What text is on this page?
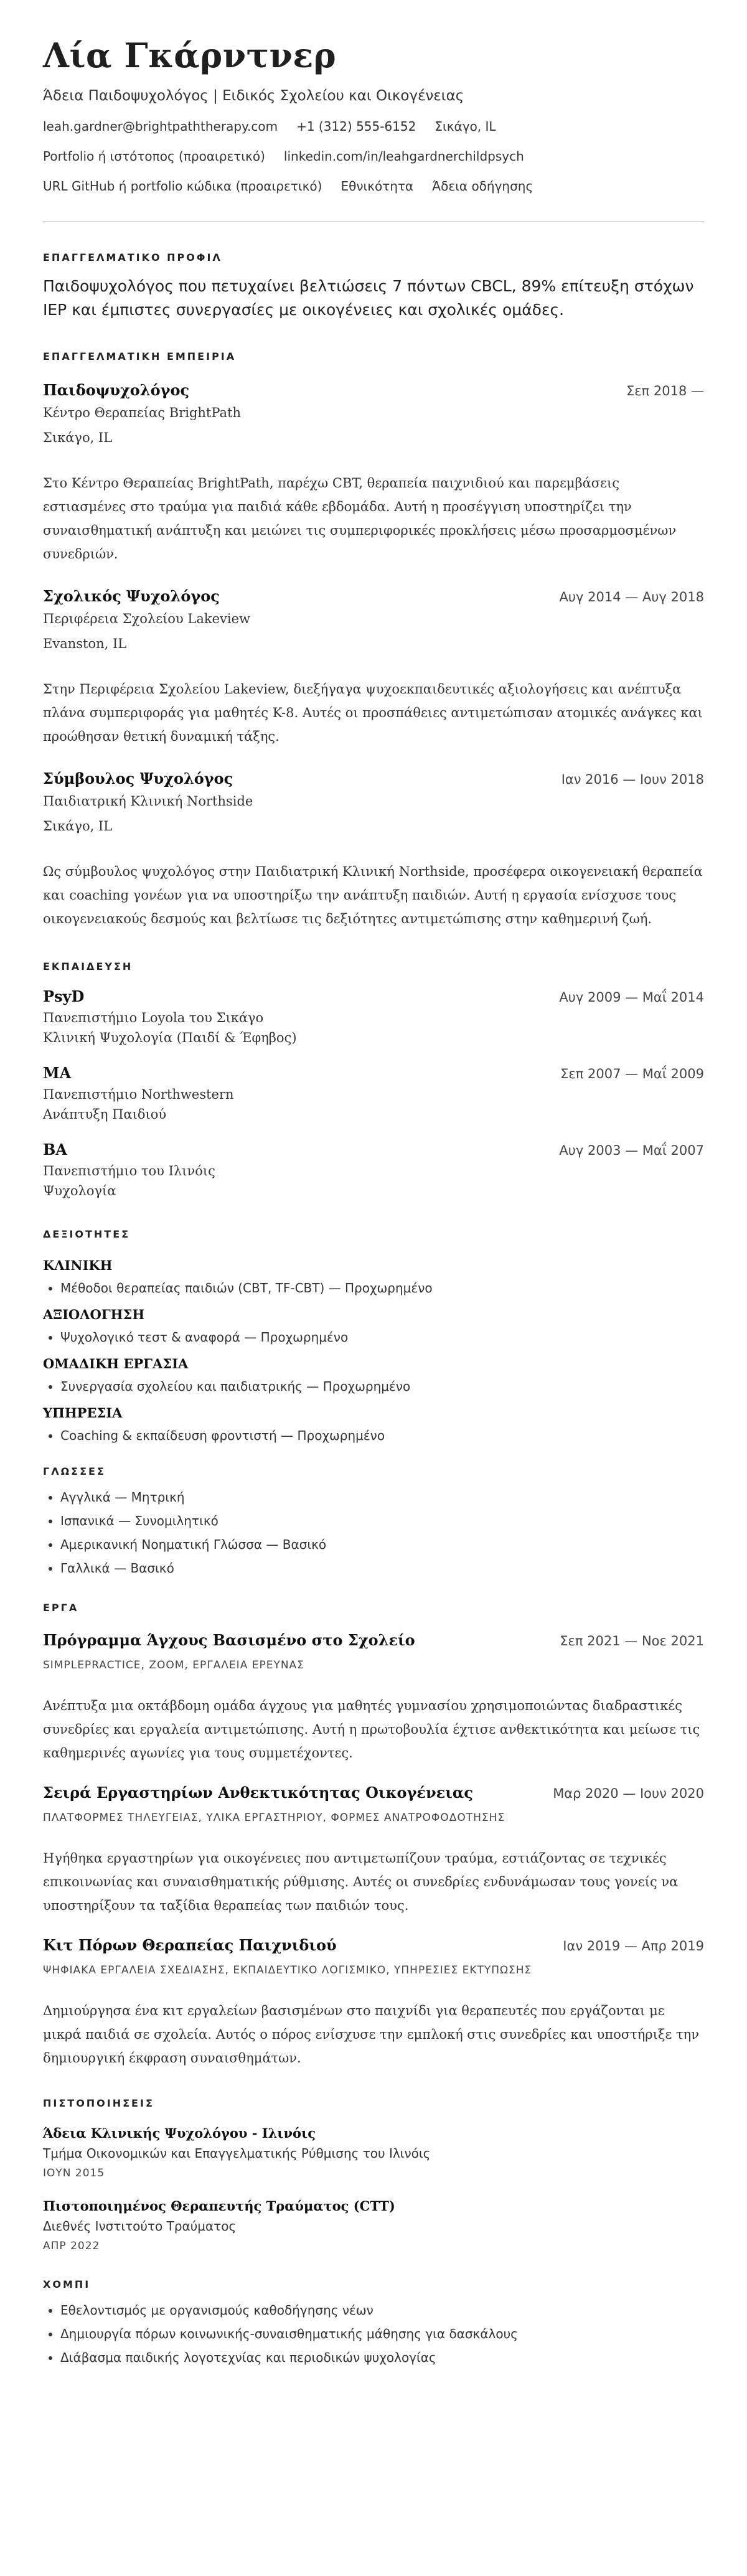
Λία Γκάρντνερ
Άδεια Παιδοψυχολόγος | Ειδικός Σχολείου και Οικογένειας
leah.gardner@brightpaththerapy.com +1 (312) 555-6152 Σικάγο, IL
Portfolio ή ιστότοπος (προαιρετικό) linkedin.com/in/leahgardnerchildpsych
URL GitHub ή portfolio κώδικα (προαιρετικό) Εθνικότητα Άδεια οδήγησης
ΕΠΑΓΓΕΛΜΑΤΙΚΟ ΠΡΟΦΙΛ
Παιδοψυχολόγος που πετυχαίνει βελτιώσεις 7 πόντων CBCL, 89% επίτευξη στόχων IEP και έμπιστες συνεργασίες με οικογένειες και σχολικές ομάδες.
ΕΠΑΓΓΕΛΜΑΤΙΚΗ ΕΜΠΕΙΡΙΑ
Παιδοψυχολόγος	Σεπ 2018 —
Κέντρο Θεραπείας BrightPath
Σικάγο, IL
Στο Κέντρο Θεραπείας BrightPath, παρέχω CBT, θεραπεία παιχνιδιού και παρεμβάσεις εστιασμένες στο τραύμα για παιδιά κάθε εβδομάδα. Αυτή η προσέγγιση υποστηρίζει την συναισθηματική ανάπτυξη και μειώνει τις συμπεριφορικές προκλήσεις μέσω προσαρμοσμένων συνεδριών.
Σχολικός Ψυχολόγος	Αυγ 2014 — Αυγ 2018
Περιφέρεια Σχολείου Lakeview
Evanston, IL
Στην Περιφέρεια Σχολείου Lakeview, διεξήγαγα ψυχοεκπαιδευτικές αξιολογήσεις και ανέπτυξα πλάνα συμπεριφοράς για μαθητές K-8. Αυτές οι προσπάθειες αντιμετώπισαν ατομικές ανάγκες και προώθησαν θετική δυναμική τάξης.
Σύμβουλος Ψυχολόγος	Ιαν 2016 — Ιουν 2018
Παιδιατρική Κλινική Northside
Σικάγο, IL
Ως σύμβουλος ψυχολόγος στην Παιδιατρική Κλινική Northside, προσέφερα οικογενειακή θεραπεία και coaching γονέων για να υποστηρίξω την ανάπτυξη παιδιών. Αυτή η εργασία ενίσχυσε τους οικογενειακούς δεσμούς και βελτίωσε τις δεξιότητες αντιμετώπισης στην καθημερινή ζωή.
ΕΚΠΑΙΔΕΥΣΗ
PsyD	Αυγ 2009 — Μαΐ 2014
Πανεπιστήμιο Loyola του Σικάγο
Κλινική Ψυχολογία (Παιδί & Έφηβος)
MA	Σεπ 2007 — Μαΐ 2009
Πανεπιστήμιο Northwestern
Ανάπτυξη Παιδιού
BA	Αυγ 2003 — Μαΐ 2007
Πανεπιστήμιο του Ιλινόις
Ψυχολογία
ΔΕΞΙΟΤΗΤΕΣ
ΚΛΙΝΙΚΗ
• Μέθοδοι θεραπείας παιδιών (CBT, TF-CBT) — Προχωρημένο
ΑΞΙΟΛΟΓΗΣΗ
• Ψυχολογικό τεστ & αναφορά — Προχωρημένο
ΟΜΑΔΙΚΗ ΕΡΓΑΣΙΑ
• Συνεργασία σχολείου και παιδιατρικής — Προχωρημένο
ΥΠΗΡΕΣΙΑ
• Coaching & εκπαίδευση φροντιστή — Προχωρημένο
ΓΛΩΣΣΕΣ
• Αγγλικά — Μητρική
• Ισπανικά — Συνομιλητικό
• Αμερικανική Νοηματική Γλώσσα — Βασικό
• Γαλλικά — Βασικό
ΕΡΓΑ
Πρόγραμμα Άγχους Βασισμένο στο Σχολείο	Σεπ 2021 — Νοε 2021
SIMPLEPRACTICE, ZOOM, ΕΡΓΑΛΕΙΑ ΕΡΕΥΝΑΣ
Ανέπτυξα μια οκτάβδομη ομάδα άγχους για μαθητές γυμνασίου χρησιμοποιώντας διαδραστικές συνεδρίες και εργαλεία αντιμετώπισης. Αυτή η πρωτοβουλία έχτισε ανθεκτικότητα και μείωσε τις καθημερινές αγωνίες για τους συμμετέχοντες.
Σειρά Εργαστηρίων Ανθεκτικότητας Οικογένειας	Μαρ 2020 — Ιουν 2020
ΠΛΑΤΦΟΡΜΕΣ ΤΗΛΕΥΓΕΙΑΣ, ΥΛΙΚΑ ΕΡΓΑΣΤΗΡΙΟΥ, ΦΟΡΜΕΣ ΑΝΑΤΡΟΦΟΔΟΤΗΣΗΣ
Ηγήθηκα εργαστηρίων για οικογένειες που αντιμετωπίζουν τραύμα, εστιάζοντας σε τεχνικές επικοινωνίας και συναισθηματικής ρύθμισης. Αυτές οι συνεδρίες ενδυνάμωσαν τους γονείς να υποστηρίξουν τα ταξίδια θεραπείας των παιδιών τους.
Κιτ Πόρων Θεραπείας Παιχνιδιού	Ιαν 2019 — Απρ 2019
ΨΗΦΙΑΚΑ ΕΡΓΑΛΕΙΑ ΣΧΕΔΙΑΣΗΣ, ΕΚΠΑΙΔΕΥΤΙΚΟ ΛΟΓΙΣΜΙΚΟ, ΥΠΗΡΕΣΙΕΣ ΕΚΤΥΠΩΣΗΣ
Δημιούργησα ένα κιτ εργαλείων βασισμένων στο παιχνίδι για θεραπευτές που εργάζονται με μικρά παιδιά σε σχολεία. Αυτός ο πόρος ενίσχυσε την εμπλοκή στις συνεδρίες και υποστήριξε την δημιουργική έκφραση συναισθημάτων.
ΠΙΣΤΟΠΟΙΗΣΕΙΣ
Άδεια Κλινικής Ψυχολόγου - Ιλινόις
Τμήμα Οικονομικών και Επαγγελματικής Ρύθμισης του Ιλινόις
ΙΟΥΝ 2015
Πιστοποιημένος Θεραπευτής Τραύματος (CTT)
Διεθνές Ινστιτούτο Τραύματος
ΑΠΡ 2022
ΧΟΜΠΙ
• Εθελοντισμός με οργανισμούς καθοδήγησης νέων
• Δημιουργία πόρων κοινωνικής-συναισθηματικής μάθησης για δασκάλους
• Διάβασμα παιδικής λογοτεχνίας και περιοδικών ψυχολογίας
